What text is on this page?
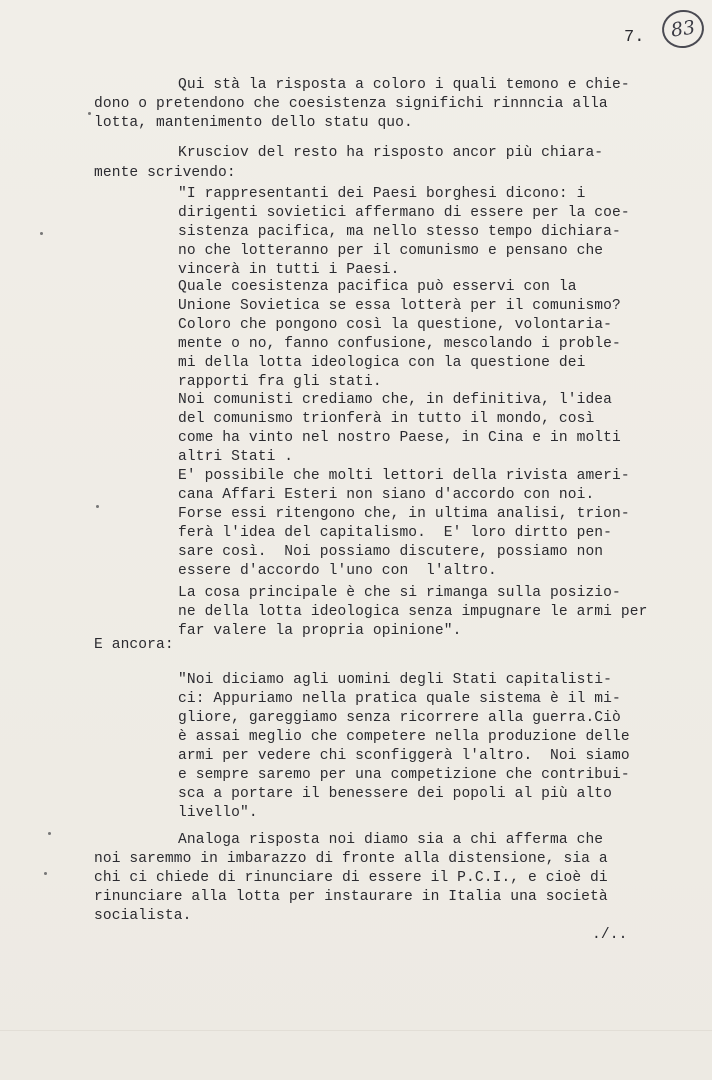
7.	83
Qui stà la risposta a coloro i quali temono e chie-
dono o pretendono che coesistenza significhi rinnncia alla
lotta, mantenimento dello statu quo.
Krusciov del resto ha risposto ancor più chiara-
mente scrivendo:
"I rappresentanti dei Paesi borghesi dicono: i
dirigenti sovietici affermano di essere per la coe-
sistenza pacifica, ma nello stesso tempo dichiara-
no che lotteranno per il comunismo e pensano che
vincerà in tutti i Paesi.
Quale coesistenza pacifica può esservi con la
Unione Sovietica se essa lotterà per il comunismo?
Coloro che pongono così la questione, volontaria-
mente o no, fanno confusione, mescolando i proble-
mi della lotta ideologica con la questione dei
rapporti fra gli stati.
Noi comunisti crediamo che, in definitiva, l'idea
del comunismo trionferà in tutto il mondo, così
come ha vinto nel nostro Paese, in Cina e in molti
altri Stati .
E' possibile che molti lettori della rivista ameri-
cana Affari Esteri non siano d'accordo con noi.
Forse essi ritengono che, in ultima analisi, trion-
ferà l'idea del capitalismo.  E' loro dirtto pen-
sare così.  Noi possiamo discutere, possiamo non
essere d'accordo l'uno con  l'altro.
La cosa principale è che si rimanga sulla posizio-
ne della lotta ideologica senza impugnare le armi per
far valere la propria opinione".
E ancora:
"Noi diciamo agli uomini degli Stati capitalisti-
ci: Appuriamo nella pratica quale sistema è il mi-
gliore, gareggiamo senza ricorrere alla guerra.Ciò
è assai meglio che competere nella produzione delle
armi per vedere chi sconfiggerà l'altro.  Noi siamo
e sempre saremo per una competizione che contribui-
sca a portare il benessere dei popoli al più alto
livello".
Analoga risposta noi diamo sia a chi afferma che
noi saremmo in imbarazzo di fronte alla distensione, sia a
chi ci chiede di rinunciare di essere il P.C.I., e cioè di
rinunciare alla lotta per instaurare in Italia una società
socialista.
./..
